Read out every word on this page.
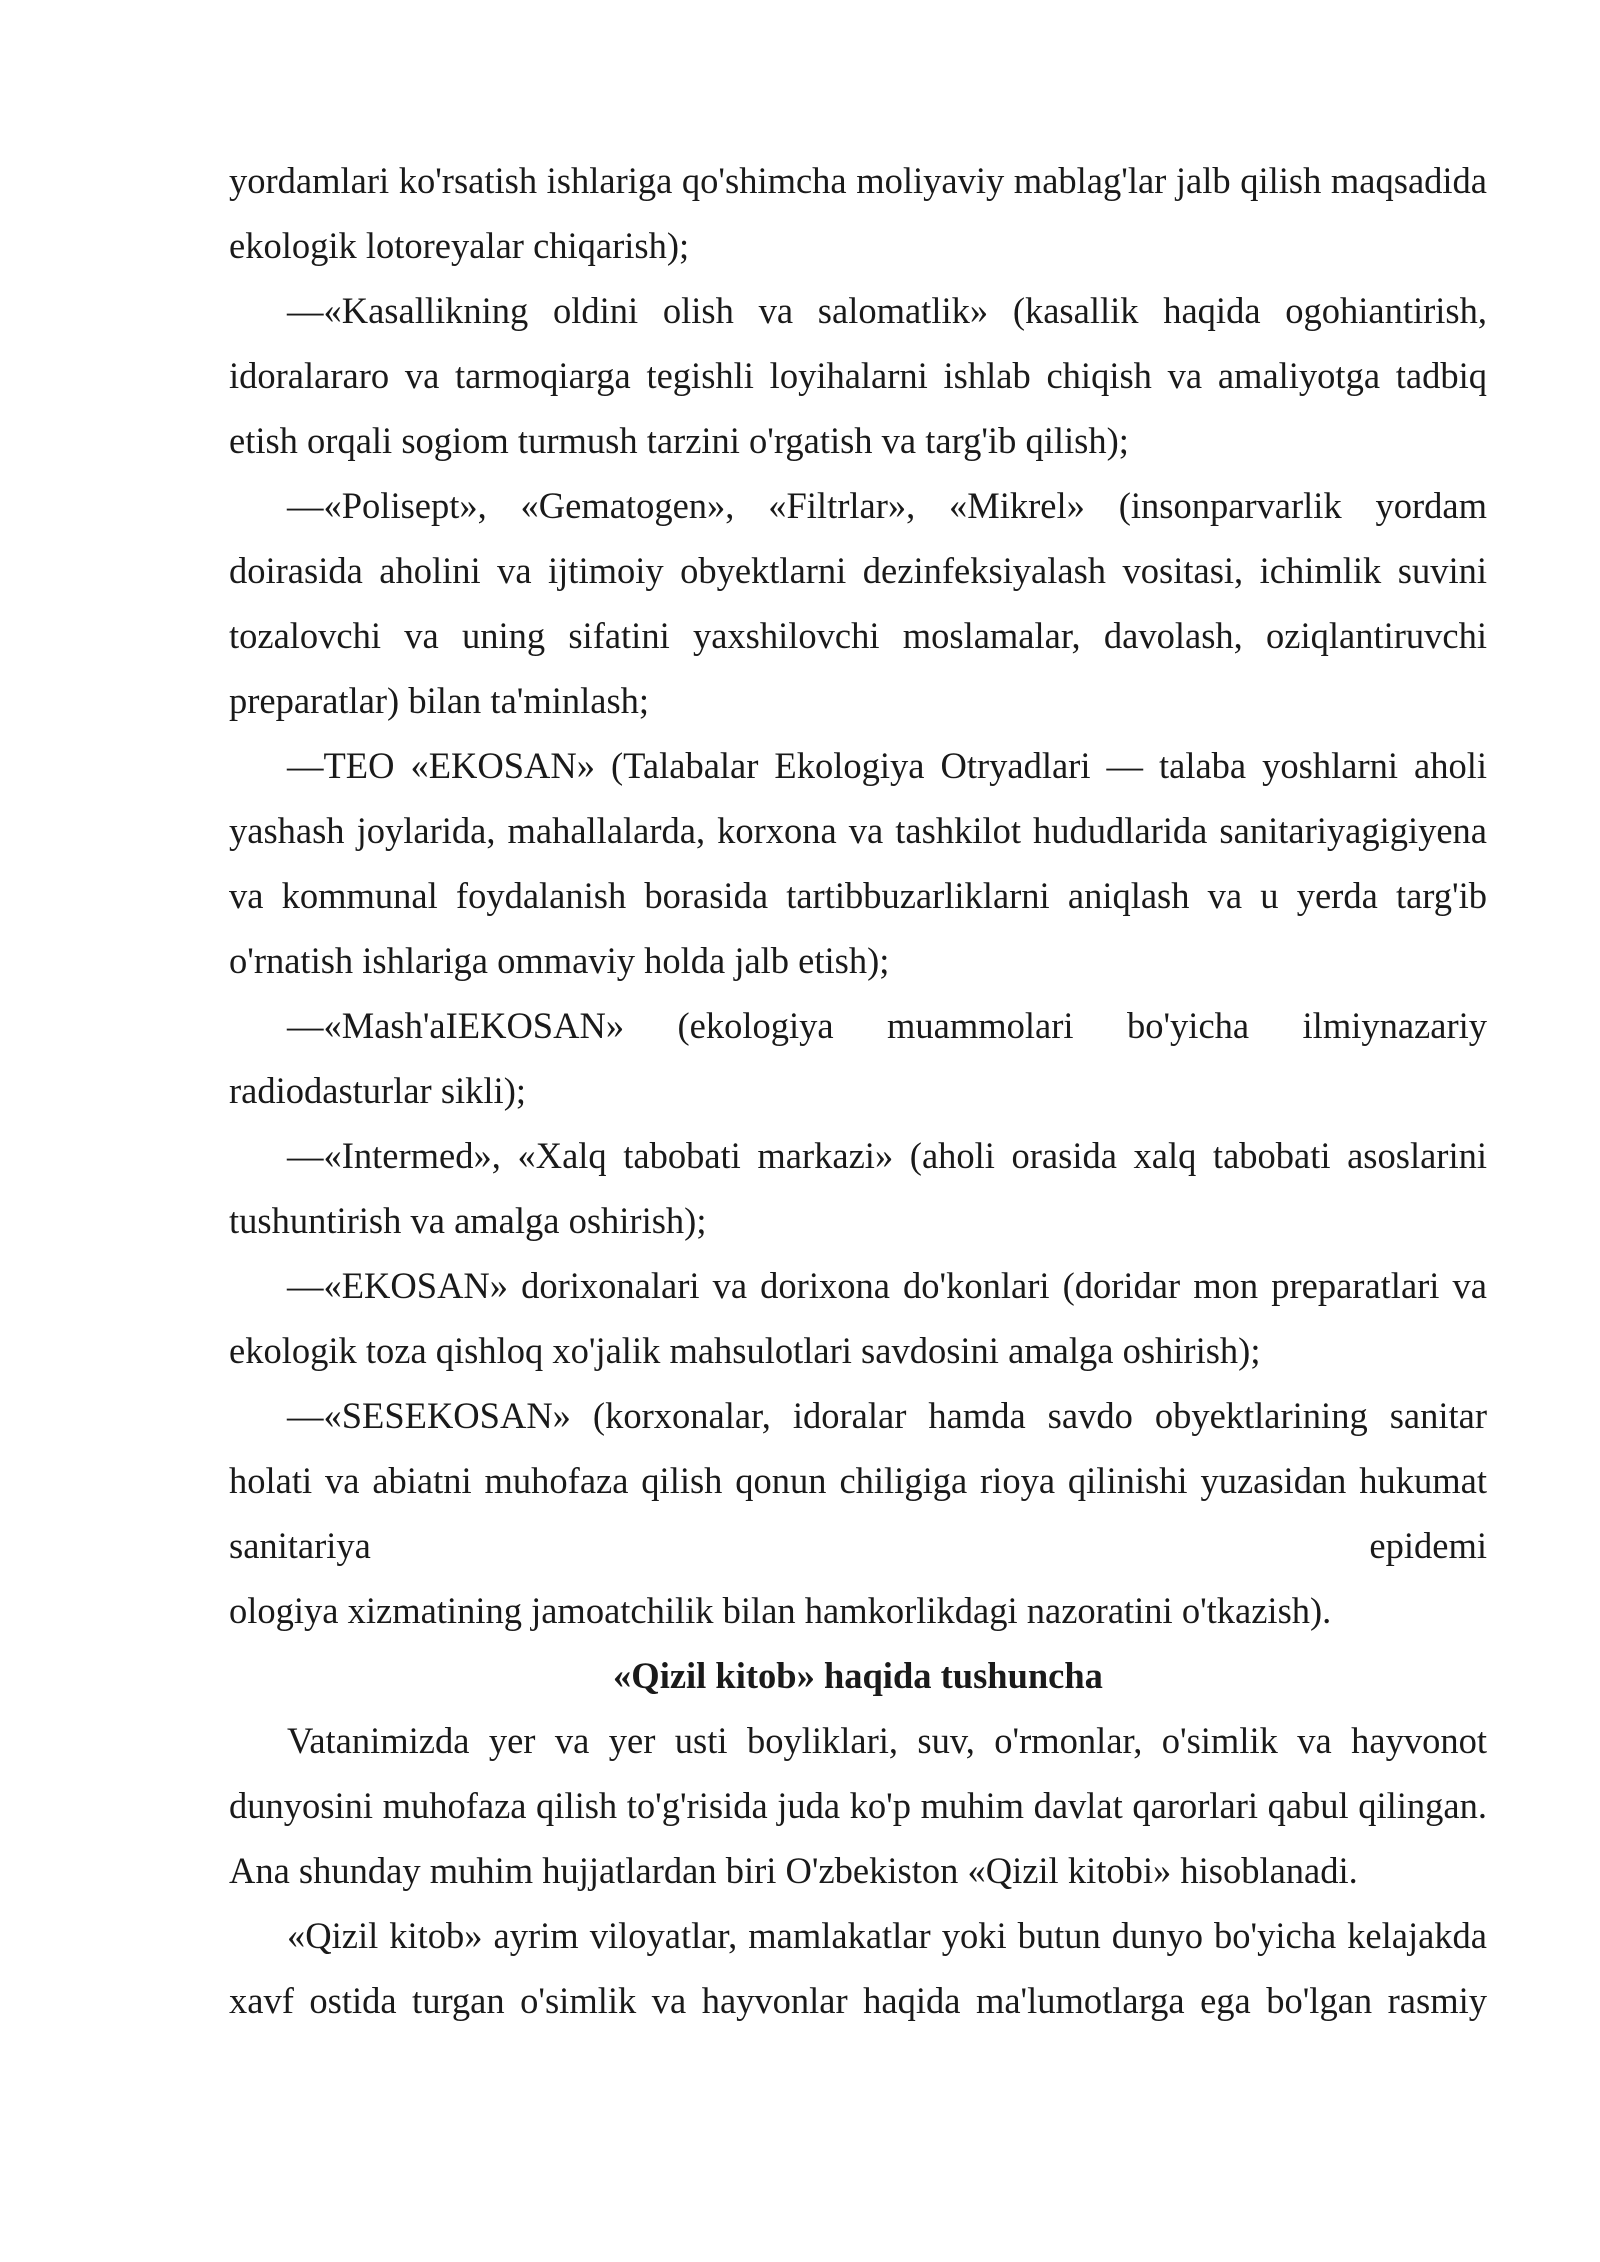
yordamlari ko'rsatish ishlariga qo'shimcha moliyaviy mablag'lar jalb qilish maqsadida ekologik lotoreyalar chiqarish);

—«Kasallikning oldini olish va salomatlik» (kasallik haqida ogohiantirish, idoralararo va tarmoqiarga tegishli loyihalarni ishlab chiqish va amaliyotga tadbiq etish orqali sogiom turmush tarzini o'rgatish va targ'ib qilish);

—«Polisept», «Gematogen», «Filtrlar», «Mikrel» (insonparvarlik yordam doirasida aholini va ijtimoiy obyektlarni dezinfeksiyalash vositasi, ichimlik suvini tozalovchi va uning sifatini yaxshilovchi moslamalar, davolash, oziqlantiruvchi preparatlar) bilan ta'minlash;

—TEO «EKOSAN» (Talabalar Ekologiya Otryadlari — talaba yoshlarni aholi yashash joylarida, mahallalarda, korxona va tashkilot hududlarida sanitariyagigiyena va kommunal foydalanish borasida tartibbuzarliklarni aniqlash va u yerda targ'ib o'rnatish ishlariga ommaviy holda jalb etish);

—«Mash'aIEKOSAN» (ekologiya muammolari bo'yicha ilmiynazariy radiodasturlar sikli);

—«Intermed», «Xalq tabobati markazi» (aholi orasida xalq tabobati asoslarini tushuntirish va amalga oshirish);

—«EKOSAN» dorixonalari va dorixona do'konlari (doridar mon preparatlari va ekologik toza qishloq xo'jalik mahsulotlari savdosini amalga oshirish);

—«SESEKOSAN» (korxonalar, idoralar hamda savdo obyektlarining sanitar holati va abiatni muhofaza qilish qonun chiligiga rioya qilinishi yuzasidan hukumat sanitariya epidemi

ologiya xizmatining jamoatchilik bilan hamkorlikdagi nazoratini o'tkazish).

«Qizil kitob» haqida tushuncha

Vatanimizda yer va yer usti boyliklari, suv, o'rmonlar, o'simlik va hayvonot dunyosini muhofaza qilish to'g'risida juda ko'p muhim davlat qarorlari qabul qilingan. Ana shunday muhim hujjatlardan biri O'zbekiston «Qizil kitobi» hisoblanadi.

«Qizil kitob» ayrim viloyatlar, mamlakatlar yoki butun dunyo bo'yicha kelajakda xavf ostida turgan o'simlik va hayvonlar haqida ma'lumotlarga ega bo'lgan rasmiy
